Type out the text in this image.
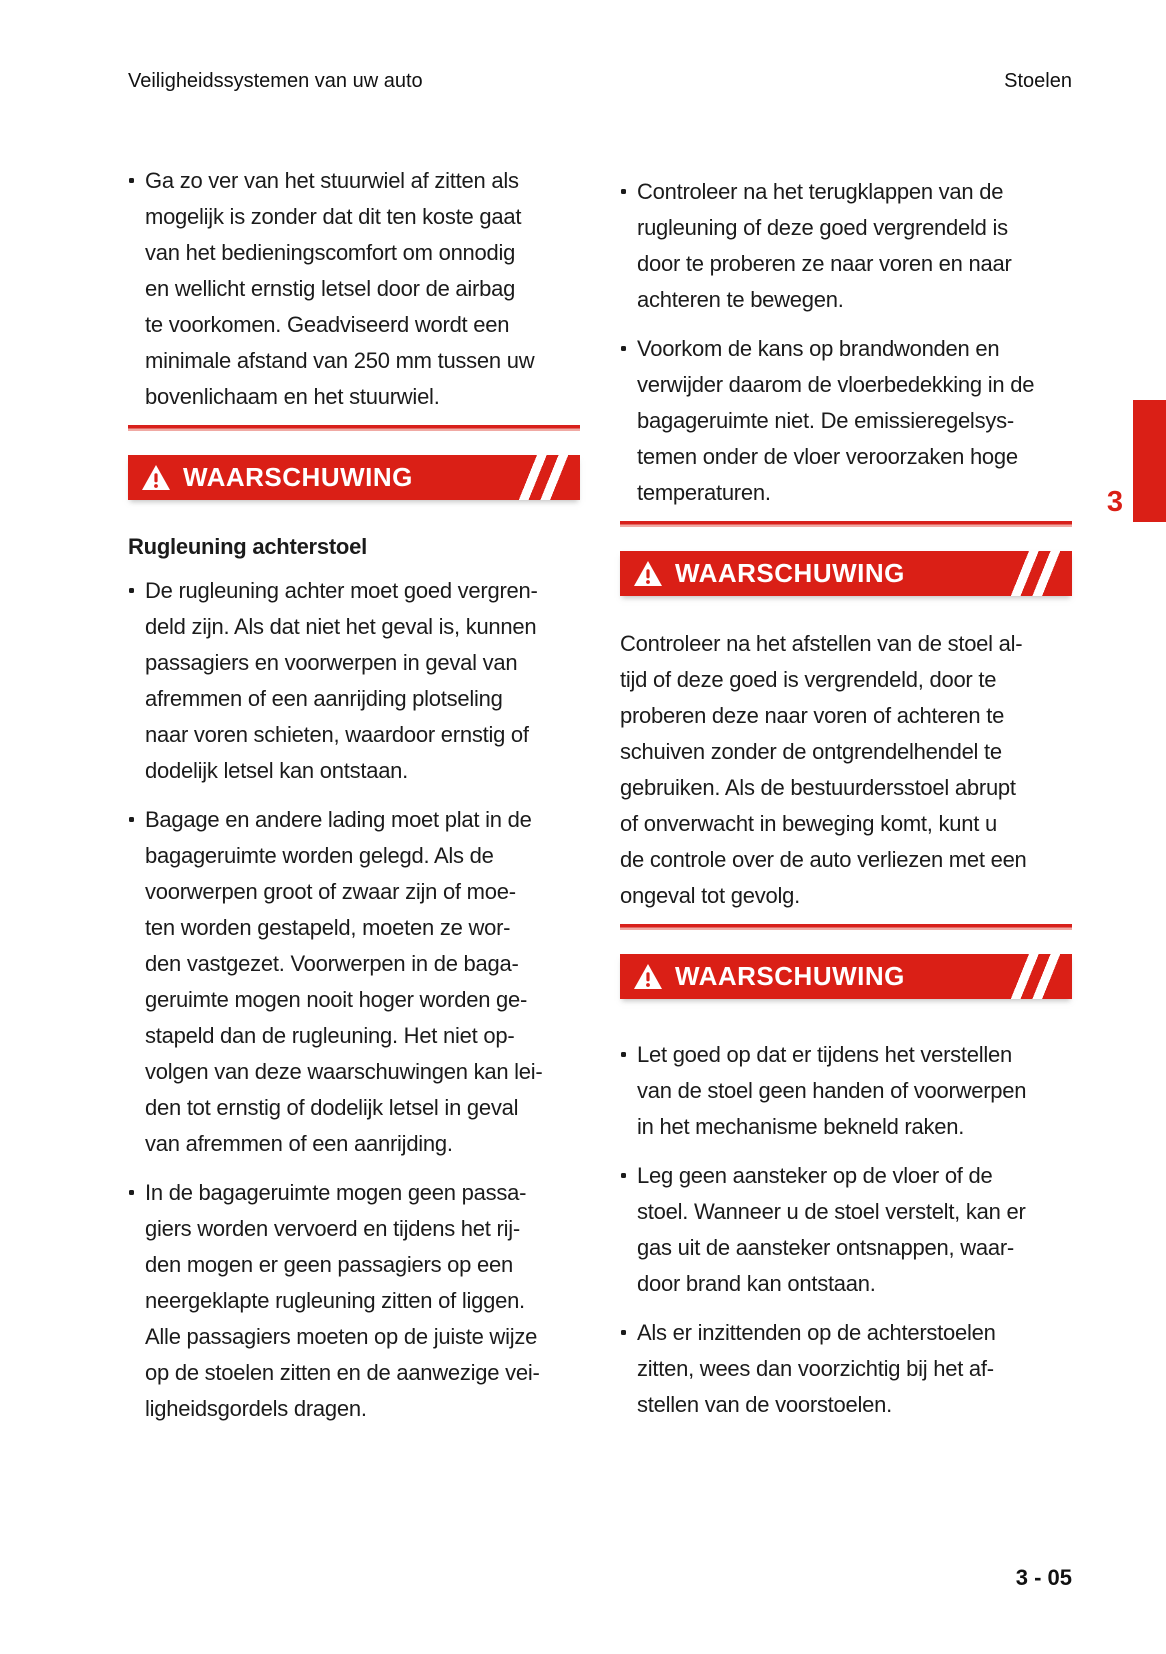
Veiligheidssystemen van uw auto	Stoelen
Ga zo ver van het stuurwiel af zitten als
mogelijk is zonder dat dit ten koste gaat
van het bedieningscomfort om onnodig
en wellicht ernstig letsel door de airbag
te voorkomen. Geadviseerd wordt een
minimale afstand van 250 mm tussen uw
bovenlichaam en het stuurwiel.
WAARSCHUWING
Rugleuning achterstoel
De rugleuning achter moet goed vergren-
deld zijn. Als dat niet het geval is, kunnen
passagiers en voorwerpen in geval van
afremmen of een aanrijding plotseling
naar voren schieten, waardoor ernstig of
dodelijk letsel kan ontstaan.
Bagage en andere lading moet plat in de
bagageruimte worden gelegd. Als de
voorwerpen groot of zwaar zijn of moe-
ten worden gestapeld, moeten ze wor-
den vastgezet. Voorwerpen in de baga-
geruimte mogen nooit hoger worden ge-
stapeld dan de rugleuning. Het niet op-
volgen van deze waarschuwingen kan lei-
den tot ernstig of dodelijk letsel in geval
van afremmen of een aanrijding.
In de bagageruimte mogen geen passa-
giers worden vervoerd en tijdens het rij-
den mogen er geen passagiers op een
neergeklapte rugleuning zitten of liggen.
Alle passagiers moeten op de juiste wijze
op de stoelen zitten en de aanwezige vei-
ligheidsgordels dragen.
Controleer na het terugklappen van de
rugleuning of deze goed vergrendeld is
door te proberen ze naar voren en naar
achteren te bewegen.
Voorkom de kans op brandwonden en
verwijder daarom de vloerbedekking in de
bagageruimte niet. De emissieregelsys-
temen onder de vloer veroorzaken hoge
temperaturen.
WAARSCHUWING
Controleer na het afstellen van de stoel al-
tijd of deze goed is vergrendeld, door te
proberen deze naar voren of achteren te
schuiven zonder de ontgrendelhendel te
gebruiken. Als de bestuurdersstoel abrupt
of onverwacht in beweging komt, kunt u
de controle over de auto verliezen met een
ongeval tot gevolg.
WAARSCHUWING
Let goed op dat er tijdens het verstellen
van de stoel geen handen of voorwerpen
in het mechanisme bekneld raken.
Leg geen aansteker op de vloer of de
stoel. Wanneer u de stoel verstelt, kan er
gas uit de aansteker ontsnappen, waar-
door brand kan ontstaan.
Als er inzittenden op de achterstoelen
zitten, wees dan voorzichtig bij het af-
stellen van de voorstoelen.
3
3 - 05
